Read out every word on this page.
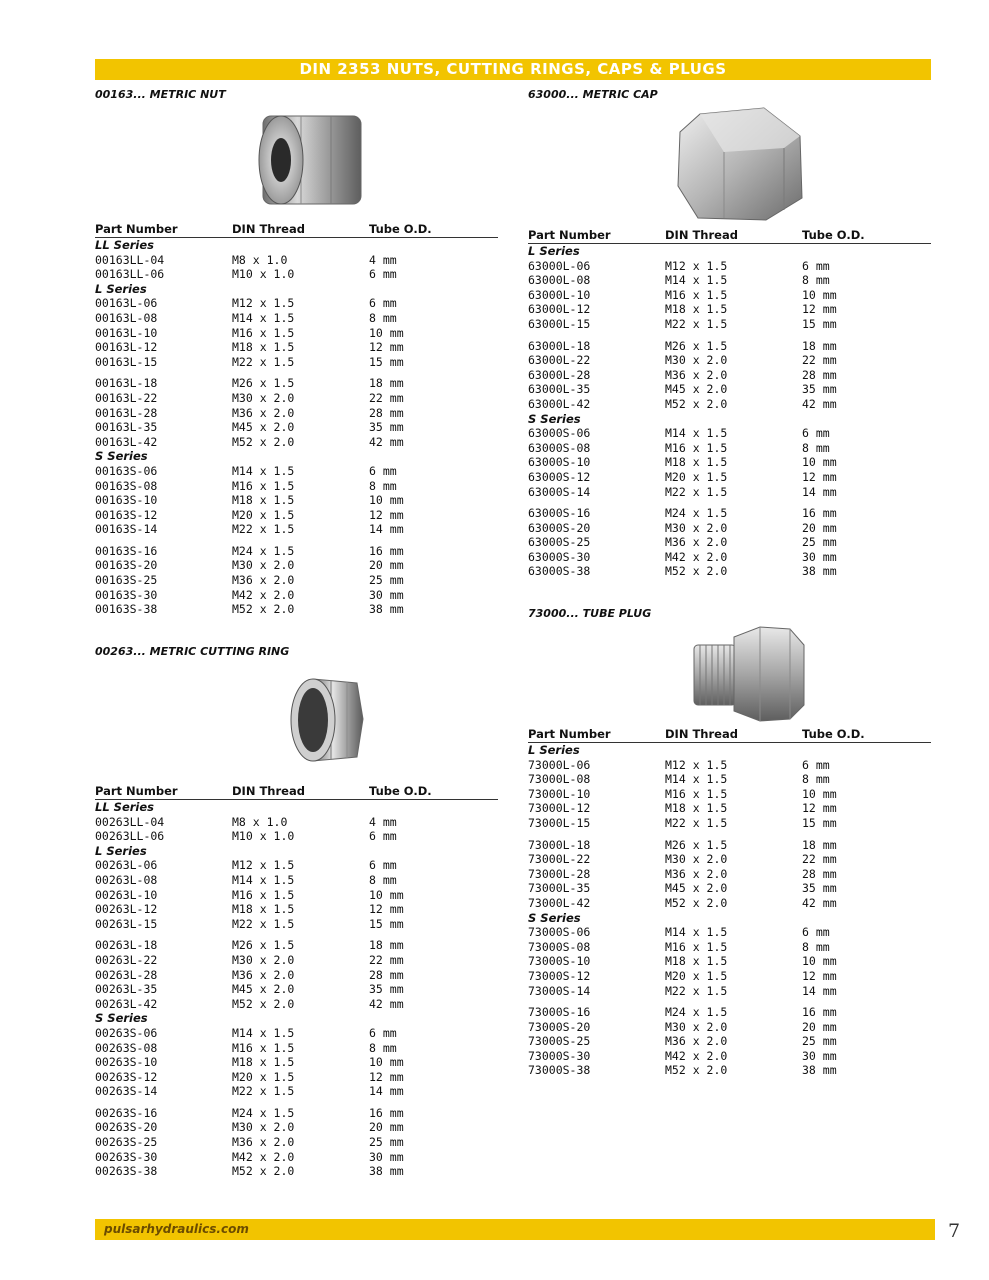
DIN 2353 NUTS, CUTTING RINGS, CAPS & PLUGS
00163... METRIC NUT
Part Number	DIN Thread	Tube O.D.
LL Series		
00163LL-04	M8 x 1.0	4 mm
00163LL-06	M10 x 1.0	6 mm
L Series		
00163L-06	M12 x 1.5	6 mm
00163L-08	M14 x 1.5	8 mm
00163L-10	M16 x 1.5	10 mm
00163L-12	M18 x 1.5	12 mm
00163L-15	M22 x 1.5	15 mm
00163L-18	M26 x 1.5	18 mm
00163L-22	M30 x 2.0	22 mm
00163L-28	M36 x 2.0	28 mm
00163L-35	M45 x 2.0	35 mm
00163L-42	M52 x 2.0	42 mm
S Series		
00163S-06	M14 x 1.5	6 mm
00163S-08	M16 x 1.5	8 mm
00163S-10	M18 x 1.5	10 mm
00163S-12	M20 x 1.5	12 mm
00163S-14	M22 x 1.5	14 mm
00163S-16	M24 x 1.5	16 mm
00163S-20	M30 x 2.0	20 mm
00163S-25	M36 x 2.0	25 mm
00163S-30	M42 x 2.0	30 mm
00163S-38	M52 x 2.0	38 mm
00263... METRIC CUTTING RING
Part Number	DIN Thread	Tube O.D.
LL Series		
00263LL-04	M8 x 1.0	4 mm
00263LL-06	M10 x 1.0	6 mm
L Series		
00263L-06	M12 x 1.5	6 mm
00263L-08	M14 x 1.5	8 mm
00263L-10	M16 x 1.5	10 mm
00263L-12	M18 x 1.5	12 mm
00263L-15	M22 x 1.5	15 mm
00263L-18	M26 x 1.5	18 mm
00263L-22	M30 x 2.0	22 mm
00263L-28	M36 x 2.0	28 mm
00263L-35	M45 x 2.0	35 mm
00263L-42	M52 x 2.0	42 mm
S Series		
00263S-06	M14 x 1.5	6 mm
00263S-08	M16 x 1.5	8 mm
00263S-10	M18 x 1.5	10 mm
00263S-12	M20 x 1.5	12 mm
00263S-14	M22 x 1.5	14 mm
00263S-16	M24 x 1.5	16 mm
00263S-20	M30 x 2.0	20 mm
00263S-25	M36 x 2.0	25 mm
00263S-30	M42 x 2.0	30 mm
00263S-38	M52 x 2.0	38 mm
63000... METRIC CAP
Part Number	DIN Thread	Tube O.D.
L Series		
63000L-06	M12 x 1.5	6 mm
63000L-08	M14 x 1.5	8 mm
63000L-10	M16 x 1.5	10 mm
63000L-12	M18 x 1.5	12 mm
63000L-15	M22 x 1.5	15 mm
63000L-18	M26 x 1.5	18 mm
63000L-22	M30 x 2.0	22 mm
63000L-28	M36 x 2.0	28 mm
63000L-35	M45 x 2.0	35 mm
63000L-42	M52 x 2.0	42 mm
S Series		
63000S-06	M14 x 1.5	6 mm
63000S-08	M16 x 1.5	8 mm
63000S-10	M18 x 1.5	10 mm
63000S-12	M20 x 1.5	12 mm
63000S-14	M22 x 1.5	14 mm
63000S-16	M24 x 1.5	16 mm
63000S-20	M30 x 2.0	20 mm
63000S-25	M36 x 2.0	25 mm
63000S-30	M42 x 2.0	30 mm
63000S-38	M52 x 2.0	38 mm
73000... TUBE PLUG
Part Number	DIN Thread	Tube O.D.
L Series		
73000L-06	M12 x 1.5	6 mm
73000L-08	M14 x 1.5	8 mm
73000L-10	M16 x 1.5	10 mm
73000L-12	M18 x 1.5	12 mm
73000L-15	M22 x 1.5	15 mm
73000L-18	M26 x 1.5	18 mm
73000L-22	M30 x 2.0	22 mm
73000L-28	M36 x 2.0	28 mm
73000L-35	M45 x 2.0	35 mm
73000L-42	M52 x 2.0	42 mm
S Series		
73000S-06	M14 x 1.5	6 mm
73000S-08	M16 x 1.5	8 mm
73000S-10	M18 x 1.5	10 mm
73000S-12	M20 x 1.5	12 mm
73000S-14	M22 x 1.5	14 mm
73000S-16	M24 x 1.5	16 mm
73000S-20	M30 x 2.0	20 mm
73000S-25	M36 x 2.0	25 mm
73000S-30	M42 x 2.0	30 mm
73000S-38	M52 x 2.0	38 mm
pulsarhydraulics.com	7
